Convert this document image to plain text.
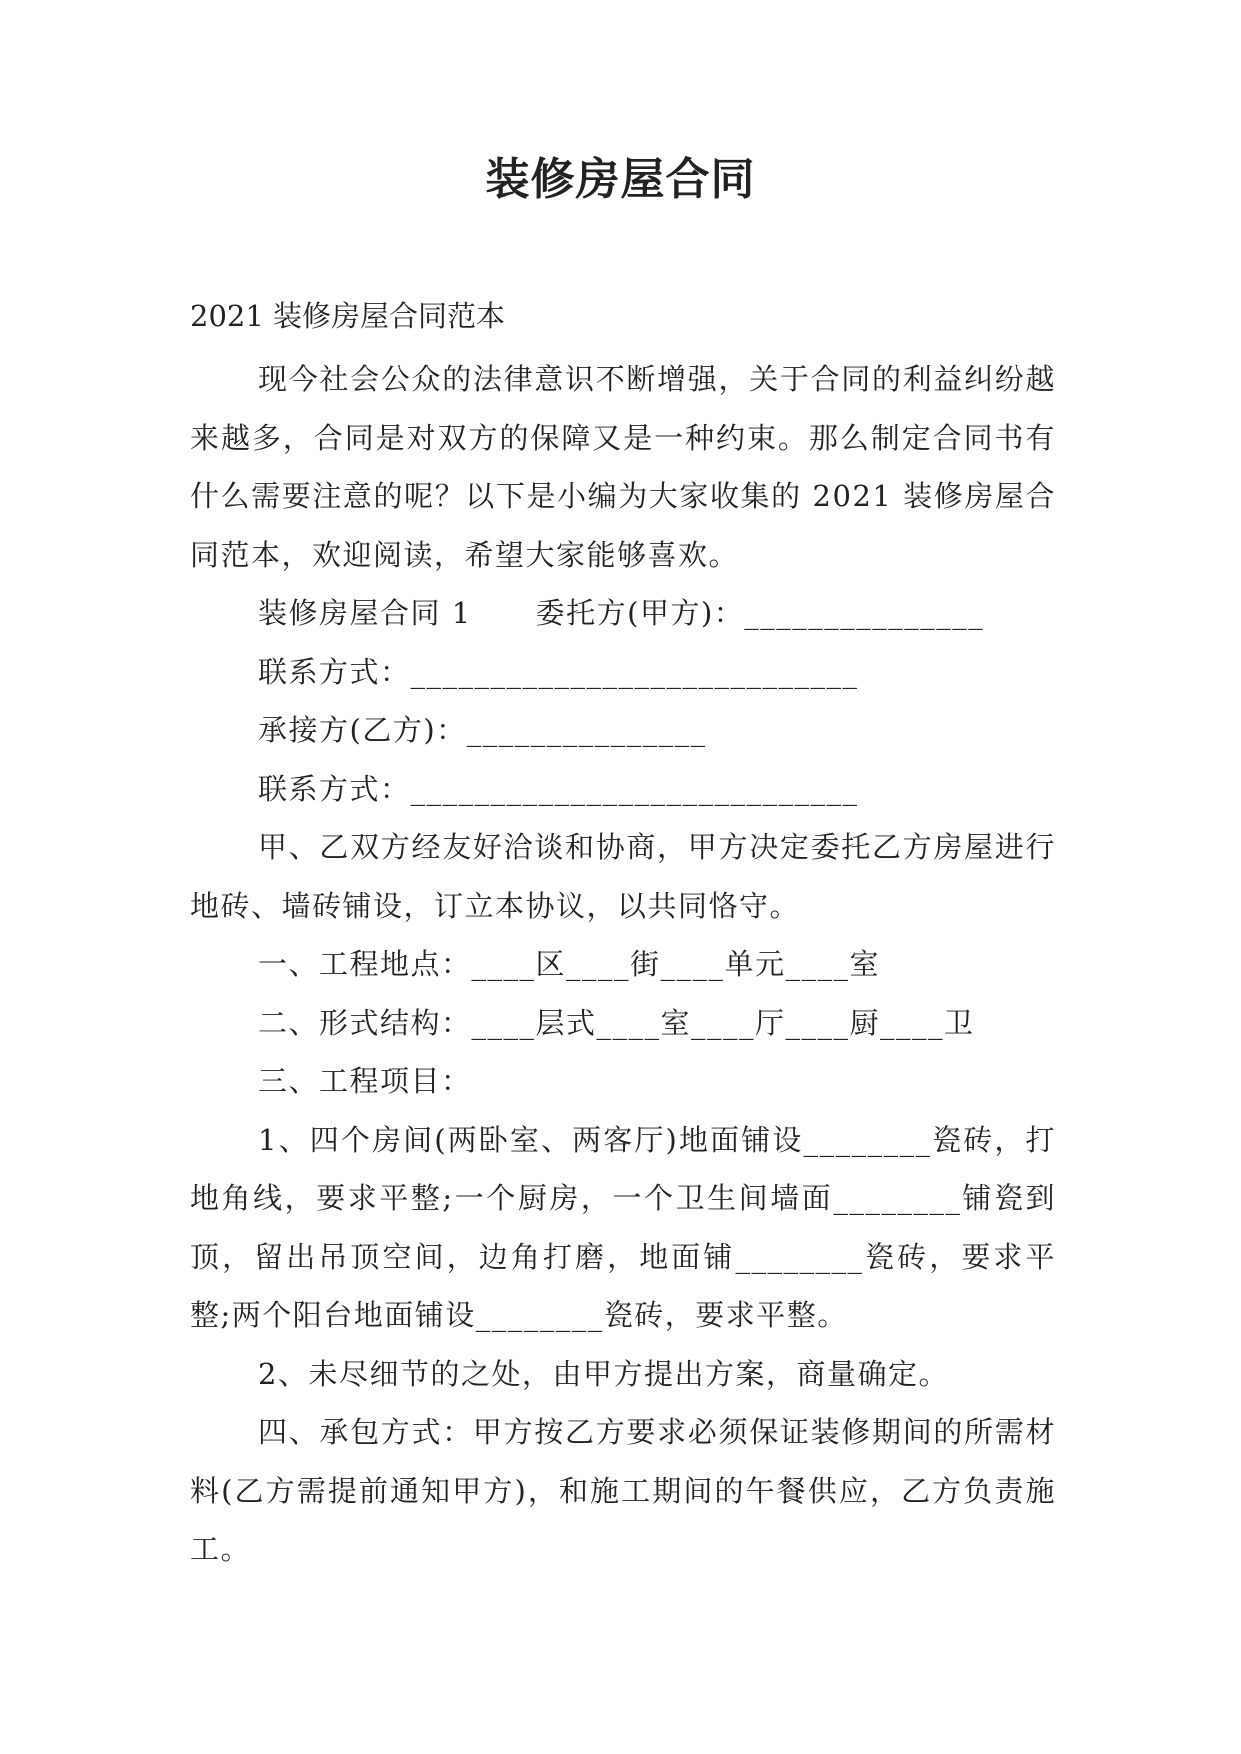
装修房屋合同

2021 装修房屋合同范本

现今社会公众的法律意识不断增强，关于合同的利益纠纷越来越多，合同是对双方的保障又是一种约束。那么制定合同书有什么需要注意的呢？以下是小编为大家收集的 2021 装修房屋合同范本，欢迎阅读，希望大家能够喜欢。

装修房屋合同 1 委托方(甲方)：_______________

联系方式：____________________________

承接方(乙方)：_______________

联系方式：____________________________

甲、乙双方经友好洽谈和协商，甲方决定委托乙方房屋进行地砖、墙砖铺设，订立本协议，以共同恪守。

一、工程地点：____区____街____单元____室

二、形式结构：____层式____室____厅____厨____卫

三、工程项目：

1、四个房间(两卧室、两客厅)地面铺设________瓷砖，打地角线，要求平整;一个厨房，一个卫生间墙面________铺瓷到顶，留出吊顶空间，边角打磨，地面铺________瓷砖，要求平整;两个阳台地面铺设________瓷砖，要求平整。

2、未尽细节的之处，由甲方提出方案，商量确定。

四、承包方式：甲方按乙方要求必须保证装修期间的所需材料(乙方需提前通知甲方)，和施工期间的午餐供应，乙方负责施工。
